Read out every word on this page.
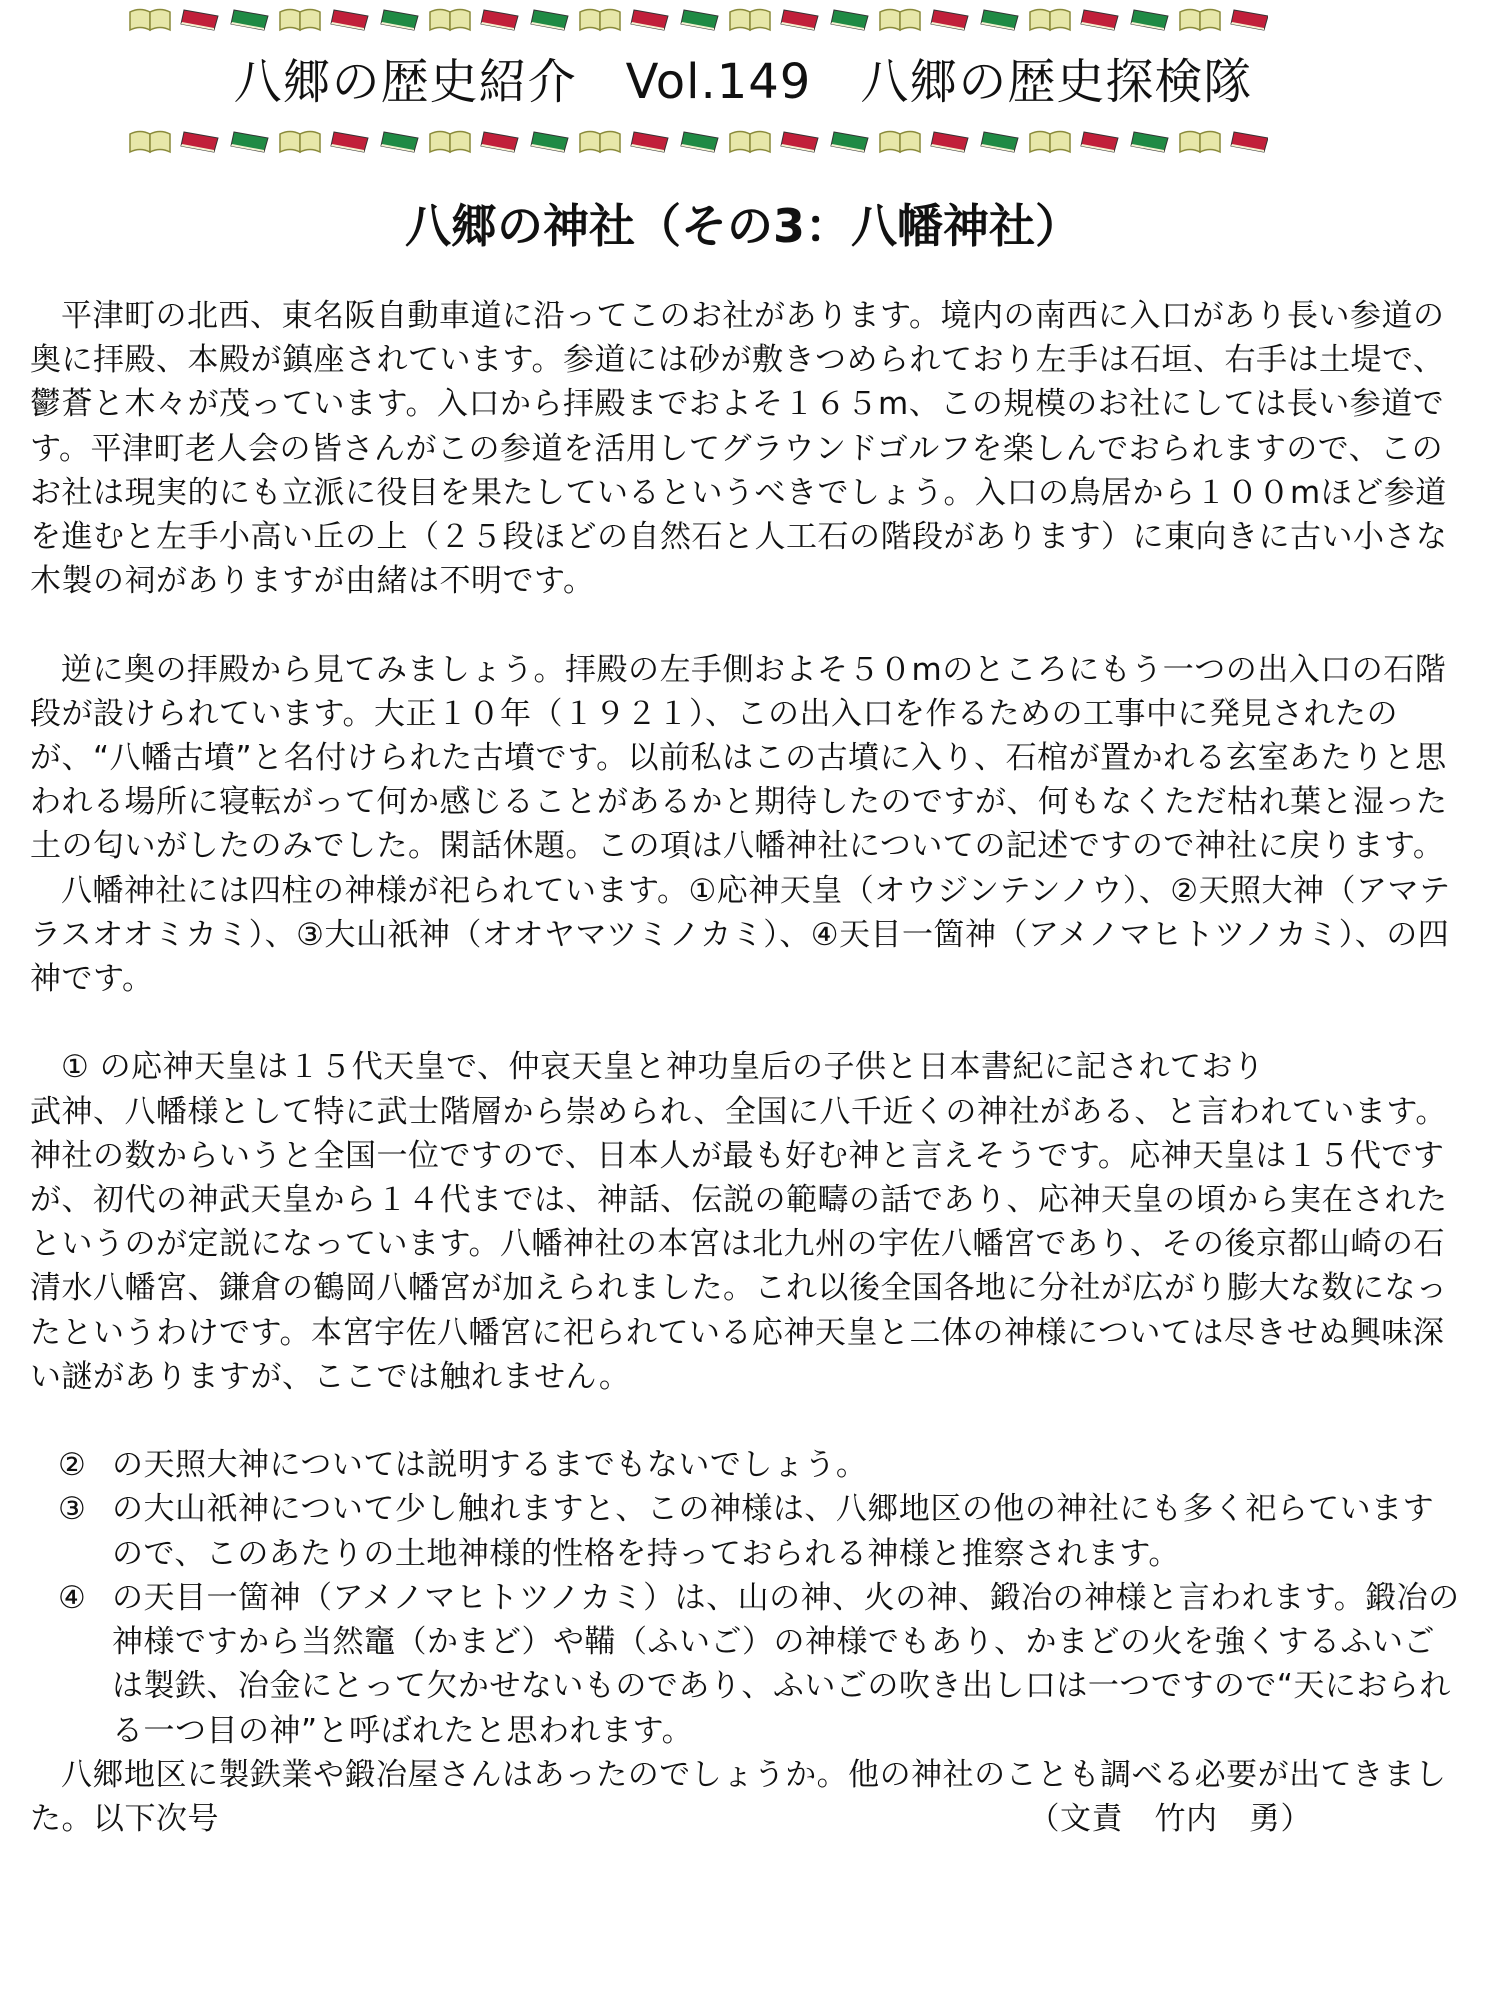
八郷の歴史紹介　 Vol.149　 八郷の歴史探検隊
八郷の神社（その3：八幡神社）

平津町の北西、東名阪自動車道に沿ってこのお社があります。境内の南西に入口があり長い参道の奥に拝殿、本殿が鎮座されています。参道には砂が敷きつめられており左手は石垣、右手は土堤で、鬱蒼と木々が茂っています。入口から拝殿までおよそ１６５m、この規模のお社にしては長い参道です。平津町老人会の皆さんがこの参道を活用してグラウンドゴルフを楽しんでおられますので、このお社は現実的にも立派に役目を果たしているというべきでしょう。入口の鳥居から１００mほど参道を進むと左手小高い丘の上（２５段ほどの自然石と人工石の階段があります）に東向きに古い小さな木製の祠がありますが由緒は不明です。

逆に奥の拝殿から見てみましょう。拝殿の左手側およそ５０mのところにもう一つの出入口の石階段が設けられています。大正１０年（１９２１）、この出入口を作るための工事中に発見されたのが、“八幡古墳”と名付けられた古墳です。以前私はこの古墳に入り、石棺が置かれる玄室あたりと思われる場所に寝転がって何か感じることがあるかと期待したのですが、何もなくただ枯れ葉と湿った土の匂いがしたのみでした。閑話休題。この項は八幡神社についての記述ですので神社に戻ります。

八幡神社には四柱の神様が祀られています。①応神天皇（オウジンテンノウ）、②天照大神（アマテラスオオミカミ）、③大山祇神（オオヤマツミノカミ）、④天目一箇神（アメノマヒトツノカミ）、の四神です。

① の応神天皇は１５代天皇で、仲哀天皇と神功皇后の子供と日本書紀に記されており

武神、八幡様として特に武士階層から崇められ、全国に八千近くの神社がある、と言われています。神社の数からいうと全国一位ですので、日本人が最も好む神と言えそうです。応神天皇は１５代ですが、初代の神武天皇から１４代までは、神話、伝説の範疇の話であり、応神天皇の頃から実在されたというのが定説になっています。八幡神社の本宮は北九州の宇佐八幡宮であり、その後京都山崎の石清水八幡宮、鎌倉の鶴岡八幡宮が加えられました。これ以後全国各地に分社が広がり膨大な数になったというわけです。本宮宇佐八幡宮に祀られている応神天皇と二体の神様については尽きせぬ興味深い謎がありますが、ここでは触れません。

② の天照大神については説明するまでもないでしょう。

③ の大山祇神について少し触れますと、この神様は、八郷地区の他の神社にも多く祀らていますので、このあたりの土地神様的性格を持っておられる神様と推察されます。

④ の天目一箇神（アメノマヒトツノカミ）は、山の神、火の神、鍛冶の神様と言われます。鍛冶の神様ですから当然竈（かまど）や鞴（ふいご）の神様でもあり、かまどの火を強くするふいごは製鉄、冶金にとって欠かせないものであり、ふいごの吹き出し口は一つですので“天におられる一つ目の神”と呼ばれたと思われます。

八郷地区に製鉄業や鍛冶屋さんはあったのでしょうか。他の神社のことも調べる必要が出てきました。以下次号	（文責　竹内　勇）
